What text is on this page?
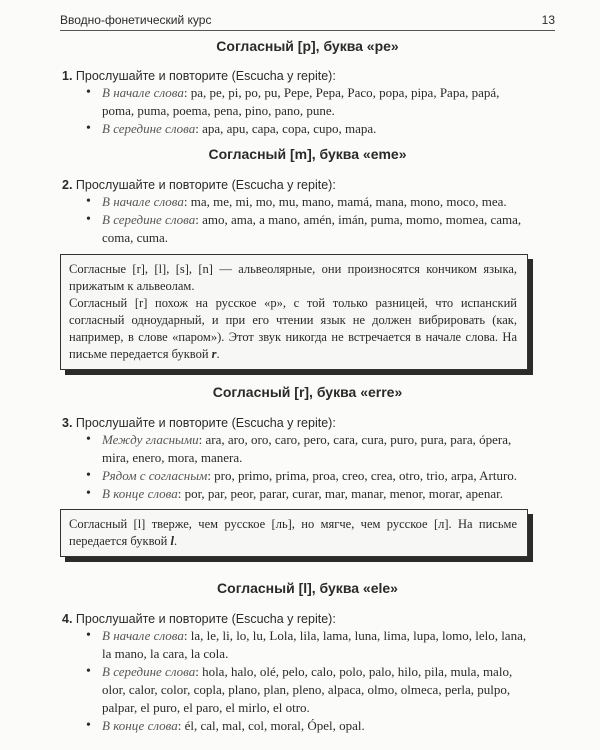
Вводно-фонетический курс	13
Согласный [p], буква «pe»
1. Прослушайте и повторите (Escucha y repite):
• В начале слова: pa, pe, pi, po, pu, Pepe, Pepa, Paco, popa, pipa, Papa, papá, poma, puma, poema, pena, pino, pano, pune.
• В середине слова: apa, apu, capa, copa, cupo, mapa.
Согласный [m], буква «eme»
2. Прослушайте и повторите (Escucha y repite):
• В начале слова: ma, me, mi, mo, mu, mano, mamá, mana, mono, moco, mea.
• В середине слова: amo, ama, a mano, amén, imán, puma, momo, momea, cama, coma, cuma.

Согласные [r], [l], [s], [n] — альвеолярные, они произносятся кончиком языка, прижатым к альвеолам.

Согласный [r] похож на русское «р», с той только разницей, что испанский согласный одноударный, и при его чтении язык не должен вибрировать (как, например, в слове «паром»). Этот звук никогда не встречается в начале слова. На письме передается буквой r.

Согласный [r], буква «erre»
3. Прослушайте и повторите (Escucha y repite):
• Между гласными: ara, aro, oro, caro, pero, cara, cura, puro, pura, para, ópera, mira, enero, mora, manera.
• Рядом с согласным: pro, primo, prima, proa, creo, crea, otro, trio, arpa, Arturo.
• В конце слова: por, par, peor, parar, curar, mar, manar, menor, morar, apenar.

Согласный [l] тверже, чем русское [ль], но мягче, чем русское [л]. На письме передается буквой l.

Согласный [l], буква «ele»
4. Прослушайте и повторите (Escucha y repite):
• В начале слова: la, le, li, lo, lu, Lola, lila, lama, luna, lima, lupa, lomo, lelo, lana, la mano, la cara, la cola.
• В середине слова: hola, halo, olé, pelo, calo, polo, palo, hilo, pila, mula, malo, olor, calor, color, copla, plano, plan, pleno, alpaca, olmo, olmeca, perla, pulpo, palpar, el puro, el paro, el mirlo, el otro.
• В конце слова: él, cal, mal, col, moral, Ópel, opal.
